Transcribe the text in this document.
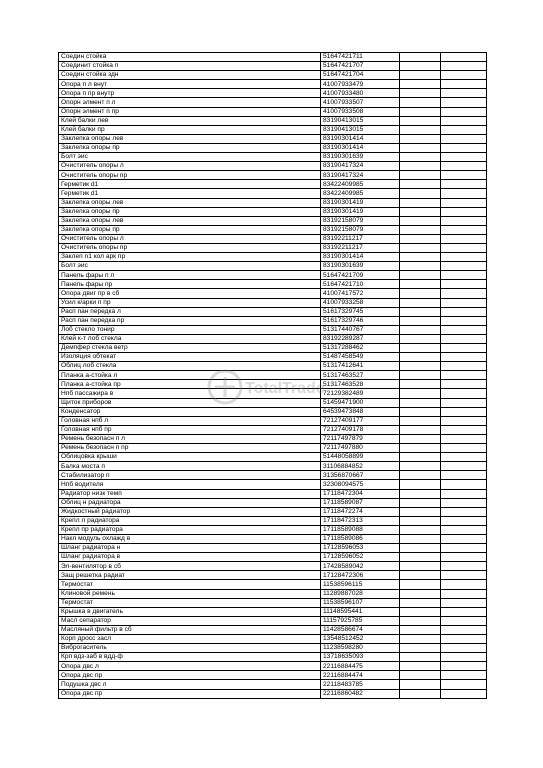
Соедин стойка	51647421711		
Соединит стойка п	51647421707		
Соедин стойка здн	51647421704		
Опора п л внут	41007933479		
Опора п пр внутр	41007933480		
Опорн элмент п л	41007933507		
Опорн элмент п пр	41007933508		
Клей балки лев	83190413015		
Клей балки пр	83190413015		
Заклепка опоры лев	83190301414		
Заклепка опоры пр	83190301414		
Болт эис	83190301639		
Очиститель опоры л	83190417324		
Очиститель опоры пр	83190417324		
Герметик d1	83422409985		
Герметик d1	83422409985		
Заклепка опоры лев	83190301419		
Заклепка опоры пр	83190301419		
Заклепка опоры лев	83192158079		
Заклепка опоры пр	83192158079		
Очиститель опоры л	83192211217		
Очиститель опоры пр	83192211217		
Заклеп n1 кол арк пр	83190301414		
Болт эис	83190301639		
Панель фары п л	51647421709		
Панель фары пр	51647421710		
Опора двиг пр в сб	41007417572		
Усил к/арки п пр	41007933258		
Расп пан передка л	51617329745		
Расп пан передка пр	51617329746		
Лоб стекло тонир	51317440767		
Клей к-т лоб стекла	83192289287		
Демпфер стекла ветр	51317288462		
Изоляция обтекат	51487458549		
Облиц лоб стекла	51317412641		
Планка а-стойка л	51317463527		
Планка а-стойка пр	51317463528		
Нпб пассажира в	72129382489		
Щиток приборов	51459471900		
Конденсатор	64539473848		
Головная нпб л	72127409177		
Головная нпб пр	72127409178		
Ремень безопасн п л	72117497879		
Ремень безопасн п пр	72117497880		
Облицовка крыши	51448058899		
Балка моста п	31106884852		
Стабилизатор п	31356870667		
Нпб водителя	32308094575		
Радиатор низк темп	17118472304		
Облиц н радиатора	17118589087		
Жидкостный радиатор	17118472274		
Крепл л радиатора	17118472313		
Крепл пр радиатора	17118589088		
Накл модуль охлажд в	17118589086		
Шланг радиатора н	17128596053		
Шланг радиатора в	17128596052		
Эл-вентилятор в сб	17428589042		
Защ решетка радиат	17128472306		
Термостат	11538596115		
Клиновой ремень	11289887028		
Термостат	11538596107		
Крышка в двигатель	11148595441		
Масл сепаратор	11157925785		
Масляный фильтр в сб	11428586674		
Корп дросс засл	13548512452		
Виброгаситель	11238598280		
Крп вдз-заб в вдд-ф	13718635093		
Опора двс л	22116884475		
Опора двс пр	22116884474		
Подушка двс л	22118483785		
Опора двс пр	22116860482		
TotalTrade
